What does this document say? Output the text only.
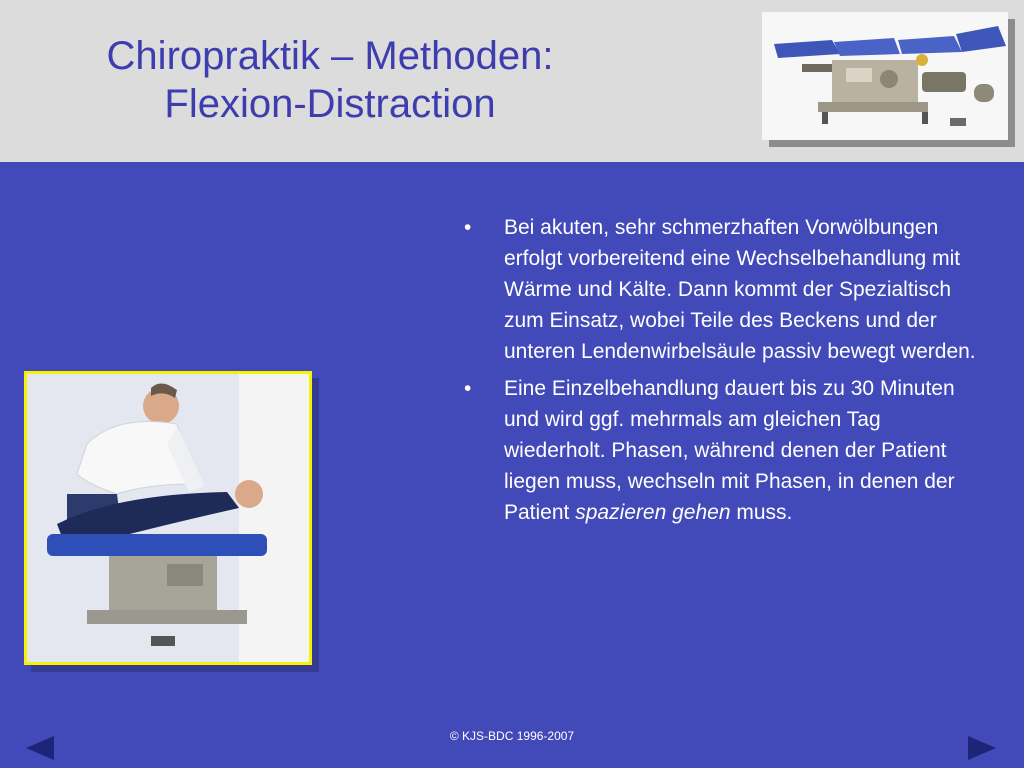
Chiropraktik – Methoden:
Flexion-Distraction
• Bei akuten, sehr schmerzhaften Vorwölbungen erfolgt vorbereitend eine Wechselbehandlung mit Wärme und Kälte. Dann kommt der Spezialtisch zum Einsatz, wobei Teile des Beckens und der unteren Lendenwirbelsäule passiv bewegt werden.
• Eine Einzelbehandlung dauert bis zu 30 Minuten und wird ggf. mehrmals am gleichen Tag wiederholt. Phasen, während denen der Patient liegen muss, wechseln mit Phasen, in denen der Patient spazieren gehen muss.
© KJS-BDC 1996-2007
